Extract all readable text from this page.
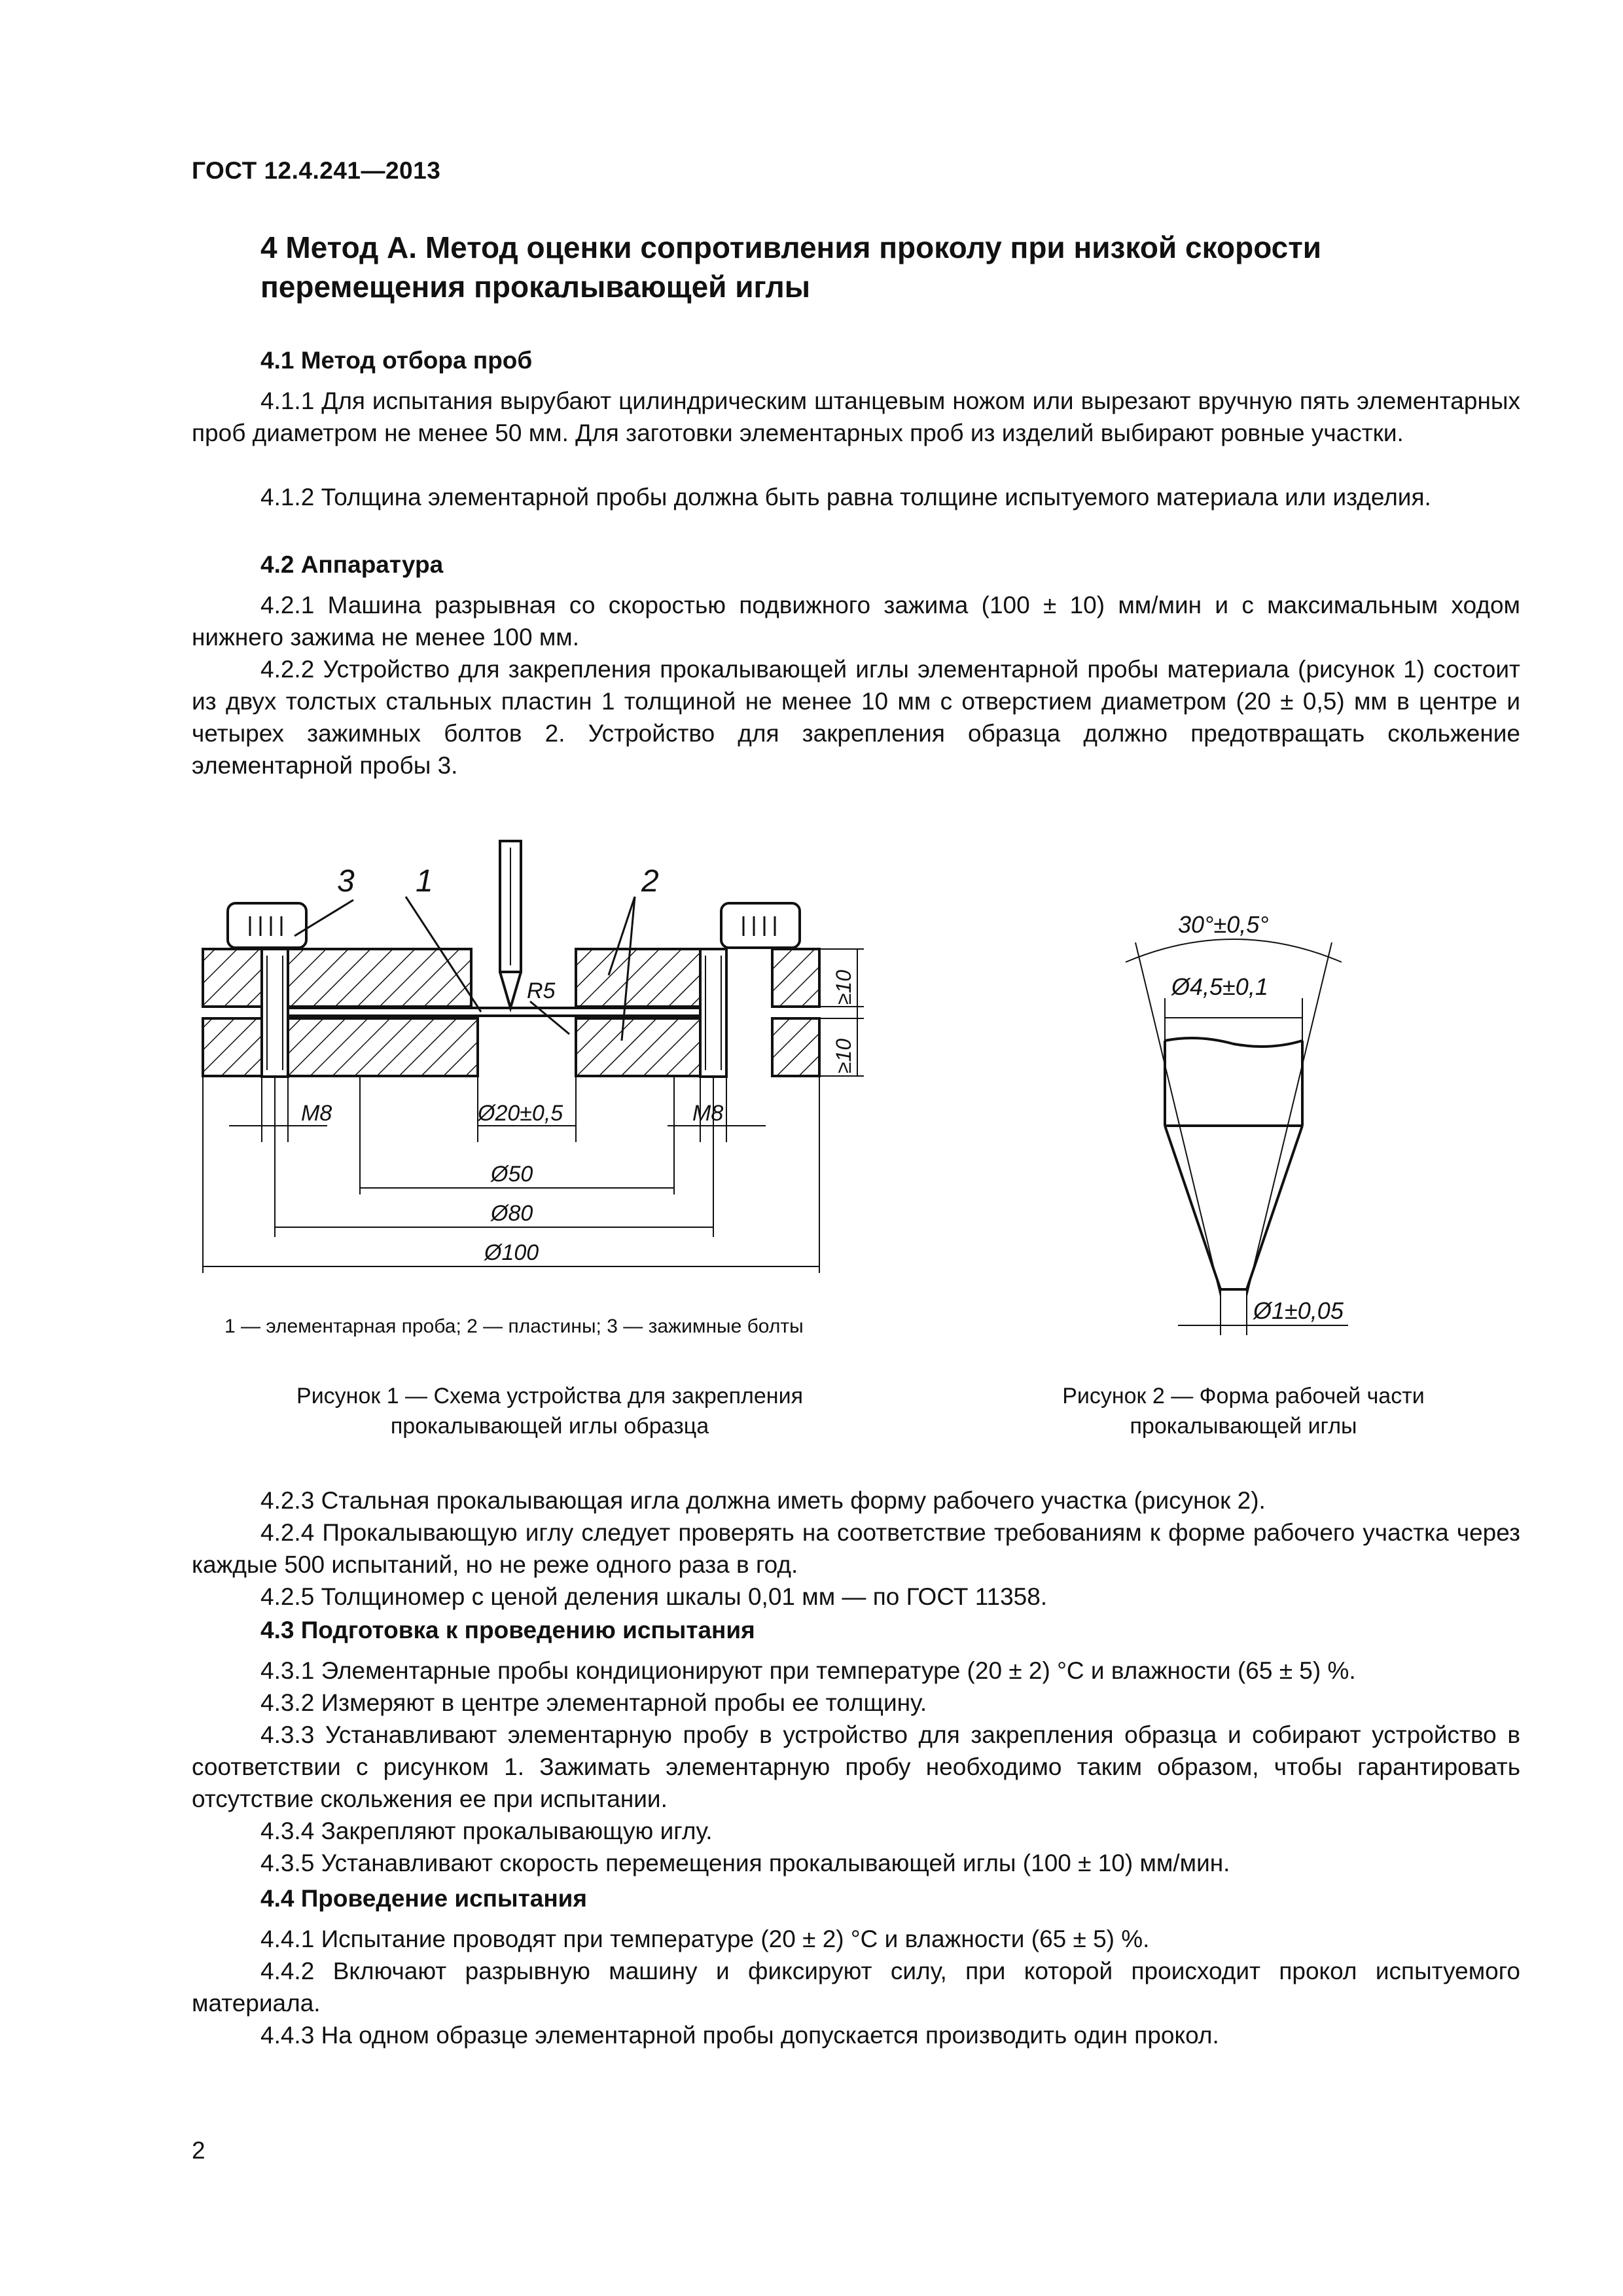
ГОСТ 12.4.241—2013
4 Метод А. Метод оценки сопротивления проколу при низкой скорости перемещения прокалывающей иглы
4.1 Метод отбора проб
4.1.1 Для испытания вырубают цилиндрическим штанцевым ножом или вырезают вручную пять элементарных проб диаметром не менее 50 мм. Для заготовки элементарных проб из изделий выбирают ровные участки.
4.1.2 Толщина элементарной пробы должна быть равна толщине испытуемого материала или изделия.
4.2 Аппаратура
4.2.1 Машина разрывная со скоростью подвижного зажима (100 ± 10) мм/мин и с максимальным ходом нижнего зажима не менее 100 мм.
4.2.2 Устройство для закрепления прокалывающей иглы элементарной пробы материала (рисунок 1) состоит из двух толстых стальных пластин 1 толщиной не менее 10 мм с отверстием диаметром (20 ± 0,5) мм в центре и четырех зажимных болтов 2. Устройство для закрепления образца должно предотвращать скольжение элементарной пробы 3.
3 1	2
R5	≥10
≥10
M8	M8
Ø20±0,5
Ø50
Ø80
Ø100
1 — элементарная проба; 2 — пластины; 3 — зажимные болты
Рисунок 1 — Схема устройства для закрепления
прокалывающей иглы образца
30°±0,5°
Ø4,5±0,1
Ø1±0,05
Рисунок 2 — Форма рабочей части
прокалывающей иглы
4.2.3 Стальная прокалывающая игла должна иметь форму рабочего участка (рисунок 2).
4.2.4 Прокалывающую иглу следует проверять на соответствие требованиям к форме рабочего участка через каждые 500 испытаний, но не реже одного раза в год.
4.2.5 Толщиномер с ценой деления шкалы 0,01 мм — по ГОСТ 11358.
4.3 Подготовка к проведению испытания
4.3.1 Элементарные пробы кондиционируют при температуре (20 ± 2) °С и влажности (65 ± 5) %.
4.3.2 Измеряют в центре элементарной пробы ее толщину.
4.3.3 Устанавливают элементарную пробу в устройство для закрепления образца и собирают устройство в соответствии с рисунком 1. Зажимать элементарную пробу необходимо таким образом, чтобы гарантировать отсутствие скольжения ее при испытании.
4.3.4 Закрепляют прокалывающую иглу.
4.3.5 Устанавливают скорость перемещения прокалывающей иглы (100 ± 10) мм/мин.
4.4 Проведение испытания
4.4.1 Испытание проводят при температуре (20 ± 2) °С и влажности (65 ± 5) %.
4.4.2 Включают разрывную машину и фиксируют силу, при которой происходит прокол испытуемого материала.
4.4.3 На одном образце элементарной пробы допускается производить один прокол.
2
